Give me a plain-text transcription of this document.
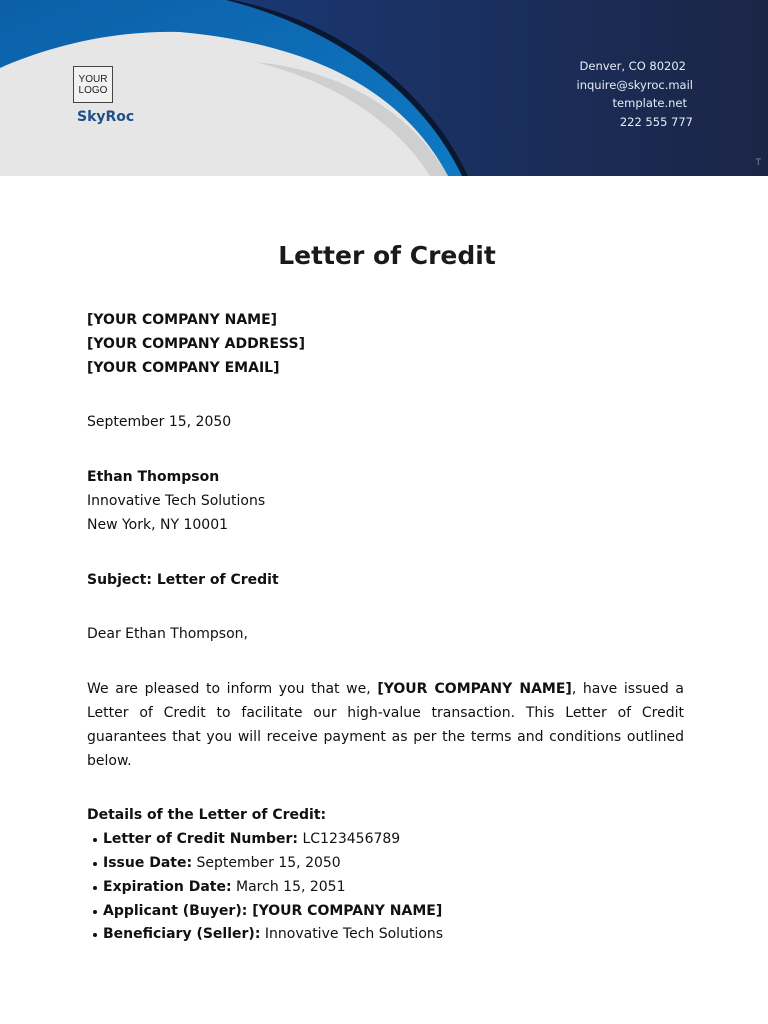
YOUR
LOGO
SkyRoc
Denver, CO 80202
inquire@skyroc.mail
template.net
222 555 777
T
Letter of Credit

[YOUR COMPANY NAME]

[YOUR COMPANY ADDRESS]

[YOUR COMPANY EMAIL]

September 15, 2050

Ethan Thompson

Innovative Tech Solutions

New York, NY 10001

Subject: Letter of Credit

Dear Ethan Thompson,

We are pleased to inform you that we, [YOUR COMPANY NAME], have issued a Letter of Credit to facilitate our high-value transaction. This Letter of Credit guarantees that you will receive payment as per the terms and conditions outlined below.

Details of the Letter of Credit:

Letter of Credit Number: LC123456789
Issue Date: September 15, 2050
Expiration Date: March 15, 2051
Applicant (Buyer): [YOUR COMPANY NAME]
Beneficiary (Seller): Innovative Tech Solutions
